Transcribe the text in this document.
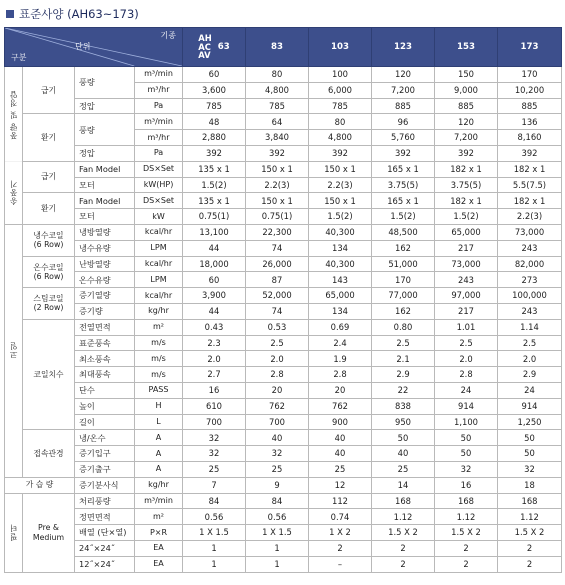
표준사양 (AH63~173)
기종
단위
구분				AH
AC
AV
63	83	103	123	153	173
풍량 및 정압	급기	풍량	m³/min	60	80	100	120	150	170
			m³/hr	3,600	4,800	6,000	7,200	9,000	10,200
		정압	Pa	785	785	785	885	885	885
	환기	풍량	m³/min	48	64	80	96	120	136
			m³/hr	2,880	3,840	4,800	5,760	7,200	8,160
		정압	Pa	392	392	392	392	392	392
송풍기	급기	Fan Model	DS×Set	135 x 1	150 x 1	150 x 1	165 x 1	182 x 1	182 x 1
		모터	kW(HP)	1.5(2)	2.2(3)	2.2(3)	3.75(5)	3.75(5)	5.5(7.5)
	환기	Fan Model	DS×Set	135 x 1	150 x 1	150 x 1	165 x 1	182 x 1	182 x 1
		모터	kW	0.75(1)	0.75(1)	1.5(2)	1.5(2)	1.5(2)	2.2(3)
코일	냉수코일
(6 Row)	냉방열량	kcal/hr	13,100	22,300	40,300	48,500	65,000	73,000
		냉수유량	LPM	44	74	134	162	217	243
	온수코일
(6 Row)	난방열량	kcal/hr	18,000	26,000	40,300	51,000	73,000	82,000
		온수유량	LPM	60	87	143	170	243	273
	스팀코일
(2 Row)	증기열량	kcal/hr	3,900	52,000	65,000	77,000	97,000	100,000
		증기량	kg/hr	44	74	134	162	217	243
	코일치수	전열면적	m²	0.43	0.53	0.69	0.80	1.01	1.14
		표준풍속	m/s	2.3	2.5	2.4	2.5	2.5	2.5
		최소풍속	m/s	2.0	2.0	1.9	2.1	2.0	2.0
		최대풍속	m/s	2.7	2.8	2.8	2.9	2.8	2.9
		단수	PASS	16	20	20	22	24	24
		높이	H	610	762	762	838	914	914
		길이	L	700	700	900	950	1,100	1,250
	접속관경	냉/온수	A	32	40	40	50	50	50
		증기입구	A	32	32	40	40	50	50
		증기출구	A	25	25	25	25	32	32
가 습 량		증기분사식	kg/hr	7	9	12	14	16	18
필터	Pre &
Medium	처리풍량	m³/min	84	84	112	168	168	168
		정면면적	m²	0.56	0.56	0.74	1.12	1.12	1.12
		배열 (단×열)	P×R	1 X 1.5	1 X 1.5	1 X 2	1.5 X 2	1.5 X 2	1.5 X 2
		24˝×24˝	EA	1	1	2	2	2	2
		12˝×24˝	EA	1	1	–	2	2	2
